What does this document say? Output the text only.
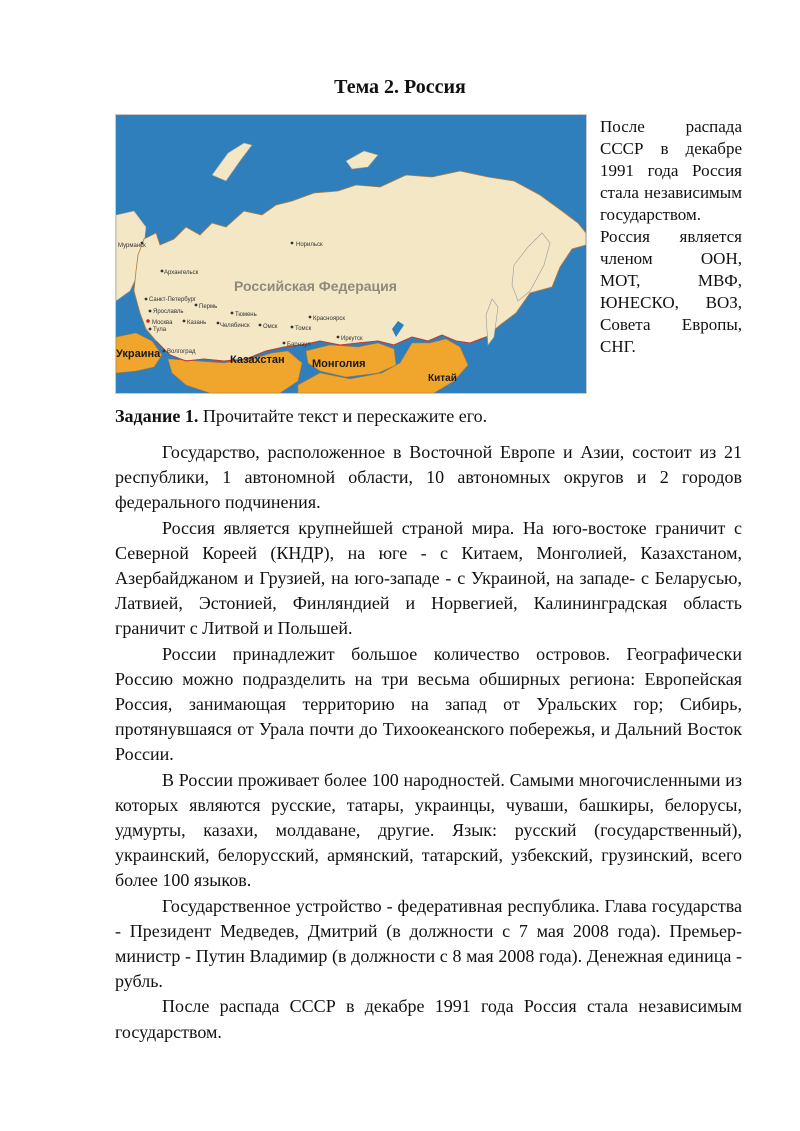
Тема 2. Россия
Российская Федерация
Украина	Казахстан Монголия
Китай
Мурманск
Архангельск
Норильск
Санкт-Петербург
Ярославль
Москва
Тула
Пермь
Казань
Тюмень
Омск
Челябинск
Красноярск
Томск
Барнаул
Иркутск
Волгоград
После распада СССР в декабре 1991 года Россия стала независимым государством. Россия является членом ООН, МОТ, МВФ, ЮНЕСКО, ВОЗ, Совета Европы, СНГ.
Задание 1. Прочитайте текст и перескажите его.

Государство, расположенное в Восточной Европе и Азии, состоит из 21 республики, 1 автономной области, 10 автономных округов и 2 городов федерального подчинения.

Россия является крупнейшей страной мира. На юго-востоке граничит с Северной Кореей (КНДР), на юге - с Китаем, Монголией, Казахстаном, Азербайджаном и Грузией, на юго-западе - с Украиной, на западе- с Беларусью, Латвией, Эстонией, Финляндией и Норвегией, Калининградская область граничит с Литвой и Польшей.

России принадлежит большое количество островов. Географически Россию можно подразделить на три весьма обширных региона: Европейская Россия, занимающая территорию на запад от Уральских гор; Сибирь, протянувшаяся от Урала почти до Тихоокеанского побережья, и Дальний Восток России.

В России проживает более 100 народностей. Самыми многочисленными из которых являются русские, татары, украинцы, чуваши, башкиры, белорусы, удмурты, казахи, молдаване, другие. Язык: русский (государственный), украинский, белорусский, армянский, татарский, узбекский, грузинский, всего более 100 языков.

Государственное устройство - федеративная республика. Глава государства - Президент Медведев, Дмитрий (в должности с 7 мая 2008 года). Премьер-министр - Путин Владимир (в должности с 8 мая 2008 года). Денежная единица - рубль.

После распада СССР в декабре 1991 года Россия стала независимым государством.
